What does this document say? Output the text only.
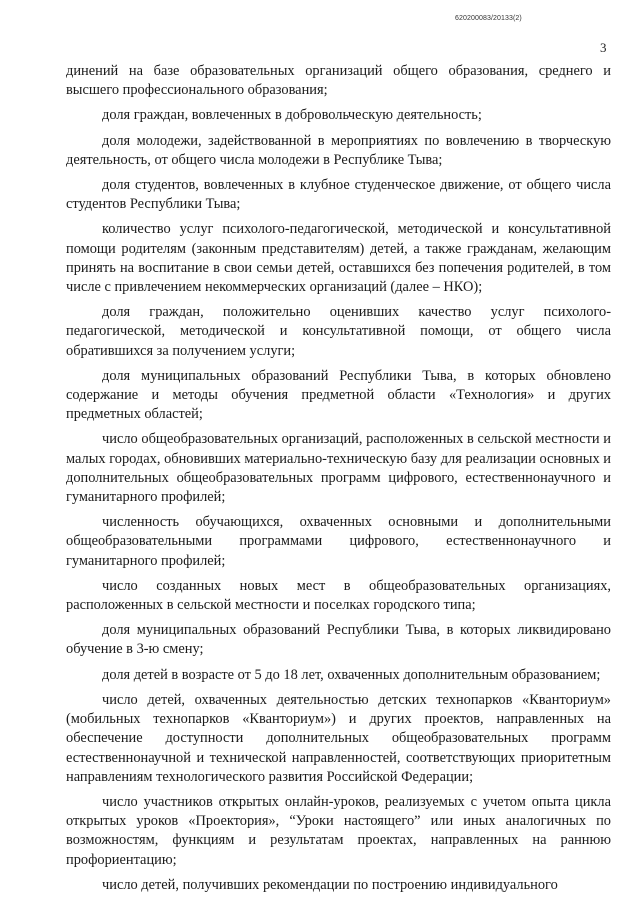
620200083/20133(2)
3

динений на базе образовательных организаций общего образования, среднего и высшего профессионального образования;

доля граждан, вовлеченных в добровольческую деятельность;

доля молодежи, задействованной в мероприятиях по вовлечению в творческую деятельность, от общего числа молодежи в Республике Тыва;

доля студентов, вовлеченных в клубное студенческое движение, от общего числа студентов Республики Тыва;

количество услуг психолого-педагогической, методической и консультативной помощи родителям (законным представителям) детей, а также гражданам, желающим принять на воспитание в свои семьи детей, оставшихся без попечения родителей, в том числе с привлечением некоммерческих организаций (далее – НКО);

доля граждан, положительно оценивших качество услуг психолого-педагогической, методической и консультативной помощи, от общего числа обратившихся за получением услуги;

доля муниципальных образований Республики Тыва, в которых обновлено содержание и методы обучения предметной области «Технология» и других предметных областей;

число общеобразовательных организаций, расположенных в сельской местности и малых городах, обновивших материально-техническую базу для реализации основных и дополнительных общеобразовательных программ цифрового, естественнонаучного и гуманитарного профилей;

численность обучающихся, охваченных основными и дополнительными общеобразовательными программами цифрового, естественнонаучного и гуманитарного профилей;

число созданных новых мест в общеобразовательных организациях, расположенных в сельской местности и поселках городского типа;

доля муниципальных образований Республики Тыва, в которых ликвидировано обучение в 3-ю смену;

доля детей в возрасте от 5 до 18 лет, охваченных дополнительным образованием;

число детей, охваченных деятельностью детских технопарков «Кванториум» (мобильных технопарков «Кванториум») и других проектов, направленных на обеспечение доступности дополнительных общеобразовательных программ естественнонаучной и технической направленностей, соответствующих приоритетным направлениям технологического развития Российской Федерации;

число участников открытых онлайн-уроков, реализуемых с учетом опыта цикла открытых уроков «Проектория», “Уроки настоящего” или иных аналогичных по возможностям, функциям и результатам проектах, направленных на раннюю профориентацию;

число детей, получивших рекомендации по построению индивидуального
